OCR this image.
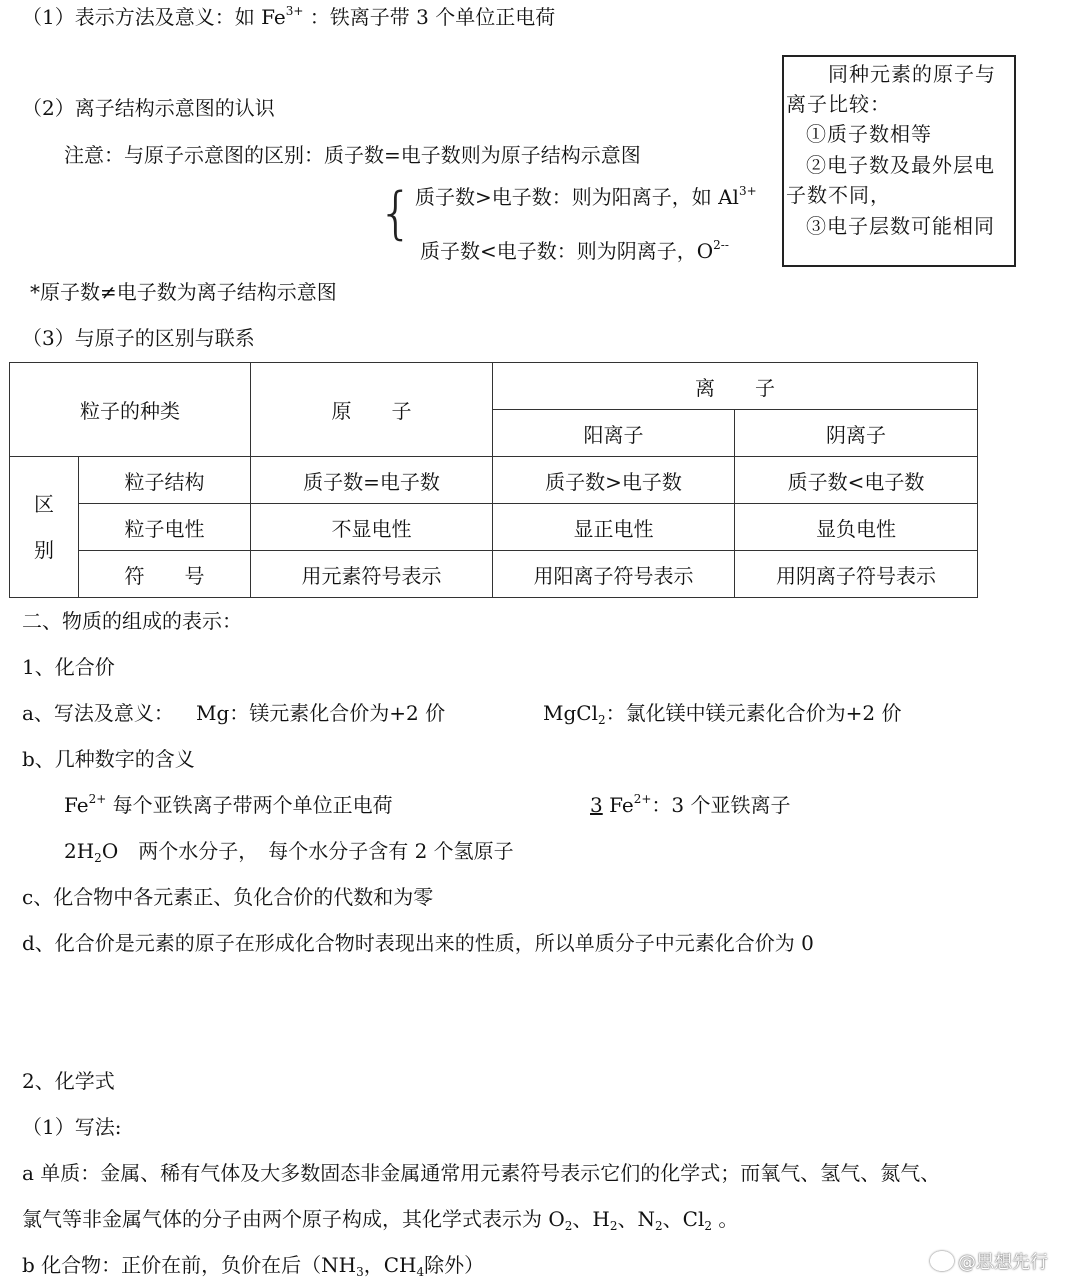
（1）表示方法及意义：如 $Fe^{3+}$ ：铁离子带 3 个单位正电荷
（2）离子结构示意图的认识
注意：与原子示意图的区别：质子数=电子数则为原子结构示意图
{ 质子数>电子数：则为阳离子，如 $Al^{3+}$
质子数<电子数：则为阴离子，$O^{2--}$
*原子数≠电子数为离子结构示意图
（3）与原子的区别与联系
同种元素的原子与
离子比较：
①质子数相等
②电子数及最外层电
子数不同，
③电子层数可能相同
粒子的种类		原　　子	离　　子	
			阳离子	阴离子

区
别	粒子结构	质子数=电子数	质子数>电子数	质子数<电子数
	粒子电性	不显电性	显正电性	显负电性
	符　　号	用元素符号表示	用阳离子符号表示	用阴离子符号表示
二、物质的组成的表示：
1、化合价
a、写法及意义： Mg：镁元素化合价为+2 价	MgCl$_2$：氯化镁中镁元素化合价为+2 价
b、几种数字的含义
$Fe^{2+}$ 每个亚铁离子带两个单位正电荷	3 $Fe^{2+}$：3 个亚铁离子
$2H_2O$　两个水分子，　每个水分子含有 2 个氢原子
c、化合物中各元素正、负化合价的代数和为零
d、化合价是元素的原子在形成化合物时表现出来的性质，所以单质分子中元素化合价为 0
2、化学式
（1）写法:
a 单质：金属、稀有气体及大多数固态非金属通常用元素符号表示它们的化学式；而氧气、氢气、氮气、
氯气等非金属气体的分子由两个原子构成，其化学式表示为 $O_2$、$H_2$、$N_2$、$Cl_2$ 。
b 化合物：正价在前，负价在后（$NH_3$，$CH_4$除外）	@思想先行
